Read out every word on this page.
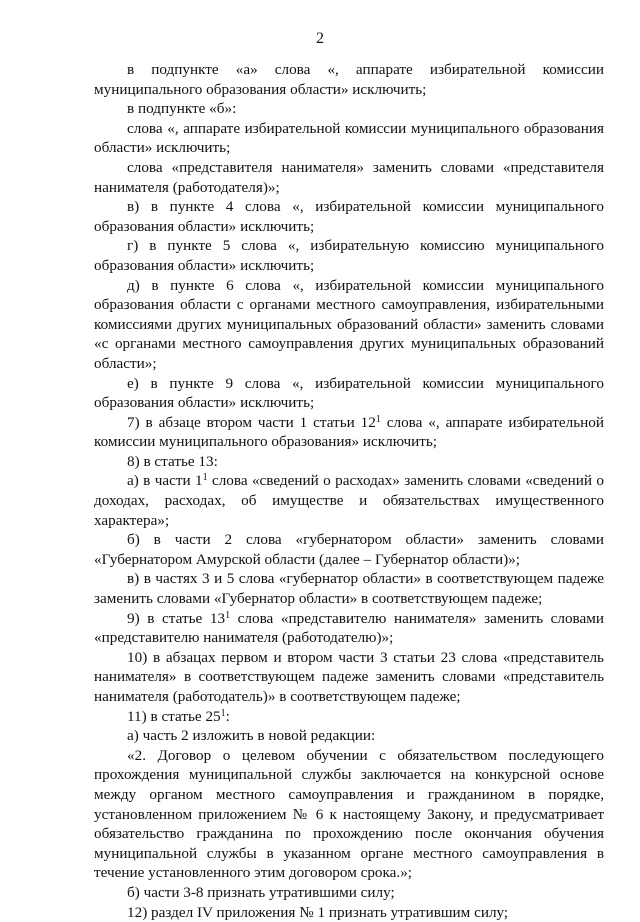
2

в подпункте «а» слова «, аппарате избирательной комиссии муниципального образования области» исключить;

в подпункте «б»:

слова «, аппарате избирательной комиссии муниципального образования области» исключить;

слова «представителя нанимателя» заменить словами «представителя нанимателя (работодателя)»;

в) в пункте 4 слова «, избирательной комиссии муниципального образования области» исключить;

г) в пункте 5 слова «, избирательную комиссию муниципального образования области» исключить;

д) в пункте 6 слова «, избирательной комиссии муниципального образования области с органами местного самоуправления, избирательными комиссиями других муниципальных образований области» заменить словами «с органами местного самоуправления других муниципальных образований области»;

е) в пункте 9 слова «, избирательной комиссии муниципального образования области» исключить;

7) в абзаце втором части 1 статьи $12^1$ слова «, аппарате избирательной комиссии муниципального образования» исключить;

8) в статье 13:

а) в части $1^1$ слова «сведений о расходах» заменить словами «сведений о доходах, расходах, об имуществе и обязательствах имущественного характера»;

б) в части 2 слова «губернатором области» заменить словами «Губернатором Амурской области (далее – Губернатор области)»;

в) в частях 3 и 5 слова «губернатор области» в соответствующем падеже заменить словами «Губернатор области» в соответствующем падеже;

9) в статье $13^1$ слова «представителю нанимателя» заменить словами «представителю нанимателя (работодателю)»;

10) в абзацах первом и втором части 3 статьи 23 слова «представитель нанимателя» в соответствующем падеже заменить словами «представитель нанимателя (работодатель)» в соответствующем падеже;

11) в статье $25^1$:

а) часть 2 изложить в новой редакции:

«2. Договор о целевом обучении с обязательством последующего прохождения муниципальной службы заключается на конкурсной основе между органом местного самоуправления и гражданином в порядке, установленном приложением № 6 к настоящему Закону, и предусматривает обязательство гражданина по прохождению после окончания обучения муниципальной службы в указанном органе местного самоуправления в течение установленного этим договором срока.»;

б) части 3-8 признать утратившими силу;

12) раздел IV приложения № 1 признать утратившим силу;
